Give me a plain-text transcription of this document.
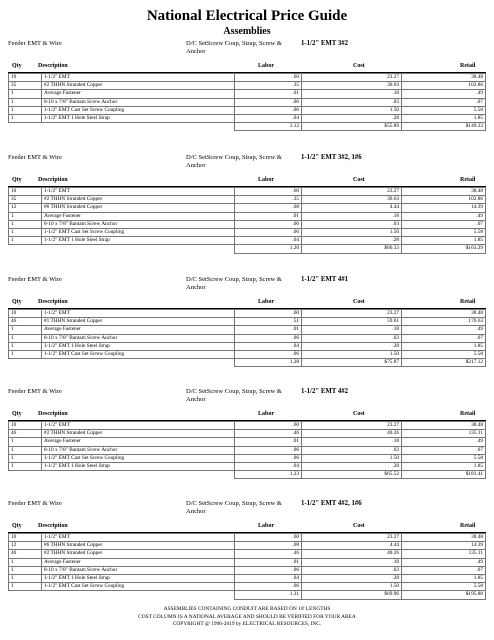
National Electrical Price Guide
Assemblies
Feeder EMT & Wire	D/C SetScrew Coup, Strap, Screw & Anchor
1-1/2" EMT 3#2
Qty	Description	Labor	Cost	Retail
10	1-1/2" EMT	.60	23.27	38.48
35	#2 THHN Stranded Copper	.35	30.63	102.86
1	Average Fastener	.01	.18	.49
1	8-10 x 7/8" Bantam Screw Anchor	.06	.03	.07
1	1-1/2" EMT Cast Set Screw Coupling	.06	1.50	5.58
1	1-1/2" EMT 1 Hole Steel Strap	.04	.28	1.85
		1.12	$55.89	$149.33
Feeder EMT & Wire	D/C SetScrew Coup, Strap, Screw & Anchor
1-1/2" EMT 3#2, 1#6
Qty	Description	Labor	Cost	Retail
10	1-1/2" EMT	.60	23.27	38.48
35	#2 THHN Stranded Copper	.35	30.63	102.86
12	#6 THHN Stranded Copper	.08	4.44	14.39
1	Average Fastener	.01	.18	.49
1	8-10 x 7/8" Bantam Screw Anchor	.06	.03	.07
1	1-1/2" EMT Cast Set Screw Coupling	.06	1.50	5.58
1	1-1/2" EMT 1 Hole Steel Strap	.04	.28	1.85
		1.20	$60.33	$163.29
Feeder EMT & Wire	D/C SetScrew Coup, Strap, Screw & Anchor
1-1/2" EMT 4#1
Qty	Description	Labor	Cost	Retail
10	1-1/2" EMT	.60	23.27	38.48
46	#1 THHN Stranded Copper	.51	59.61	170.63
1	Average Fastener	.01	.18	.49
1	8-10 x 7/8" Bantam Screw Anchor	.06	.03	.07
1	1-1/2" EMT 1 Hole Steel Strap	.04	.28	1.85
1	1-1/2" EMT Cast Set Screw Coupling	.06	1.50	5.58
		1.28	$75.87	$217.12
Feeder EMT & Wire	D/C SetScrew Coup, Strap, Screw & Anchor
1-1/2" EMT 4#2
Qty	Description	Labor	Cost	Retail
10	1-1/2" EMT	.60	23.27	38.48
46	#2 THHN Stranded Copper	.46	40.26	135.11
1	Average Fastener	.01	.18	.49
1	8-10 x 7/8" Bantam Screw Anchor	.06	.03	.07
1	1-1/2" EMT Cast Set Screw Coupling	.06	1.50	5.58
1	1-1/2" EMT 1 Hole Steel Strap	.04	.28	1.85
		1.23	$65.52	$181.41
Feeder EMT & Wire	D/C SetScrew Coup, Strap, Screw & Anchor
1-1/2" EMT 4#2, 1#6
Qty	Description	Labor	Cost	Retail
10	1-1/2" EMT	.60	23.27	38.48
12	#6 THHN Stranded Copper	.08	4.44	14.39
46	#2 THHN Stranded Copper	.46	40.26	135.11
1	Average Fastener	.01	.18	.49
1	8-10 x 7/8" Bantam Screw Anchor	.06	.03	.07
1	1-1/2" EMT 1 Hole Steel Strap	.04	.28	1.85
1	1-1/2" EMT Cast Set Screw Coupling	.06	1.50	5.58
		1.31	$69.96	$195.80
ASSEMBLIES CONTAINING CONDUIT ARE BASED ON 10' LENGTHS
COST COLUMN IS A NATIONAL AVERAGE AND SHOULD BE VERIFIED FOR YOUR AREA
COPYRIGHT @ 1996-2019 by ELECTRICAL RESOURCES, INC.
